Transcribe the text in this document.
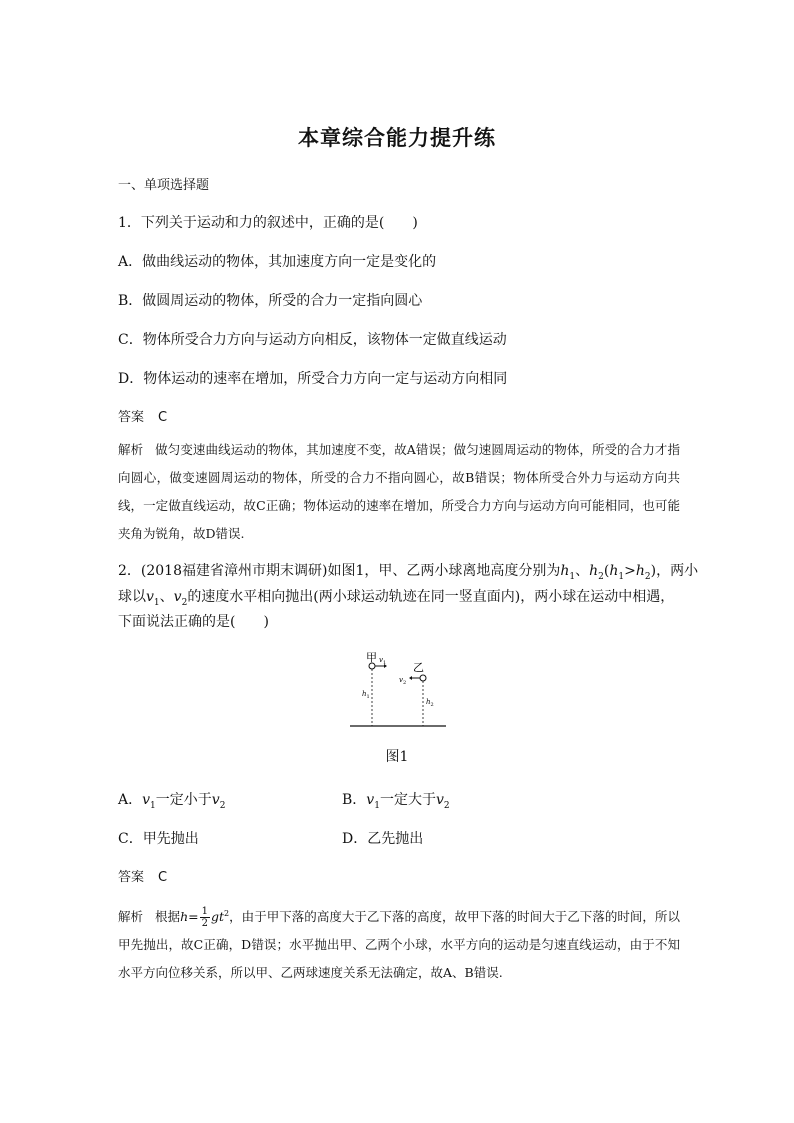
本章综合能力提升练
一、单项选择题
1．下列关于运动和力的叙述中，正确的是(　　)
A．做曲线运动的物体，其加速度方向一定是变化的
B．做圆周运动的物体，所受的合力一定指向圆心
C．物体所受合力方向与运动方向相反，该物体一定做直线运动
D．物体运动的速率在增加，所受合力方向一定与运动方向相同
答案 C
解析 做匀变速曲线运动的物体，其加速度不变，故A错误；做匀速圆周运动的物体，所受的合力才指向圆心，做变速圆周运动的物体，所受的合力不指向圆心，故B错误；物体所受合外力与运动方向共线，一定做直线运动，故C正确；物体运动的速率在增加，所受合力方向与运动方向可能相同，也可能夹角为锐角，故D错误.
2．(2018福建省漳州市期末调研)如图1，甲、乙两小球离地高度分别为$h_1$、$h_2(h_1>h_2)$，两小
球以$v_1$、$v_2$的速度水平相向抛出(两小球运动轨迹在同一竖直面内)，两小球在运动中相遇，
下面说法正确的是(　　)
甲 $v_1$
$h_1$
乙
$v_2$
$h_2$
图1
A．$v_1$一定小于$v_2$	B．$v_1$一定大于$v_2$
C．甲先抛出	D．乙先抛出
答案 C
解析 根据$h= \frac{1}{2} gt^2$，由于甲下落的高度大于乙下落的高度，故甲下落的时间大于乙下落的时间，所以甲先抛出，故C正确，D错误；水平抛出甲、乙两个小球，水平方向的运动是匀速直线运动，由于不知水平方向位移关系，所以甲、乙两球速度关系无法确定，故A、B错误.
